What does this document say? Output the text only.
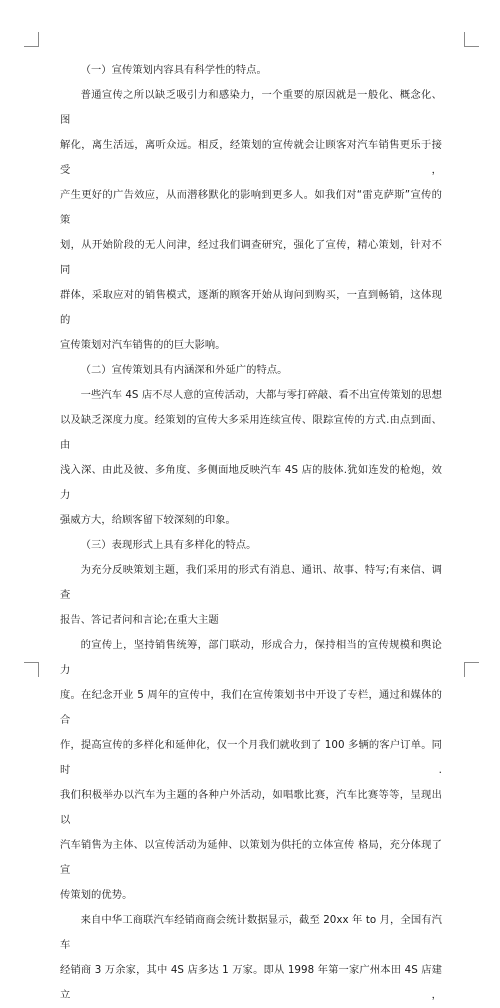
（一）宣传策划内容具有科学性的特点。

普通宣传之所以缺乏吸引力和感染力，一个重要的原因就是一般化、概念化、图

解化，离生活远，离听众远。相反，经策划的宣传就会让顾客对汽车销售更乐于接受，

产生更好的广告效应，从而潜移默化的影响到更多人。如我们对“雷克萨斯”宣传的策

划，从开始阶段的无人问津，经过我们调查研究，强化了宣传，精心策划，针对不同

群体，采取应对的销售模式，逐渐的顾客开始从询问到购买，一直到畅销，这体现的

宣传策划对汽车销售的的巨大影响。

（二）宣传策划具有内涵深和外延广的特点。

一些汽车 4S 店不尽人意的宣传活动，大都与零打碎敲、看不出宣传策划的思想

以及缺乏深度力度。经策划的宣传大多采用连续宣传、限踪宣传的方式.由点到面、由

浅入深、由此及彼、多角度、多侧面地反映汽车 4S 店的肢体.犹如连发的枪炮，效力

强威方大，给顾客留下较深刻的印象。

（三）表现形式上具有多样化的特点。

为充分反映策划主题，我们采用的形式有消息、通讯、故事、特写;有来信、调查

报告、答记者问和言论;在重大主题

的宣传上，坚持销售统筹，部门联动，形成合力，保持相当的宣传规模和舆论力

度。在纪念开业 5 周年的宣传中，我们在宣传策划书中开设了专栏，通过和媒体的合

作，提高宣传的多样化和延伸化，仅一个月我们就收到了 100 多辆的客户订单。同时.

我们积极举办以汽车为主题的各种户外活动，如唱歌比赛，汽车比赛等等，呈现出以

汽车销售为主体、以宣传活动为延伸、以策划为供托的立体宣传 格局，充分体现了宣

传策划的优势。

来自中华工商联汽车经销商商会统计数据显示，截至 20xx 年 to 月，全国有汽车

经销商 3 万余家，其中 4S 店多达 1 万家。即从 1998 年第一家广州本田 4S 店建立，
